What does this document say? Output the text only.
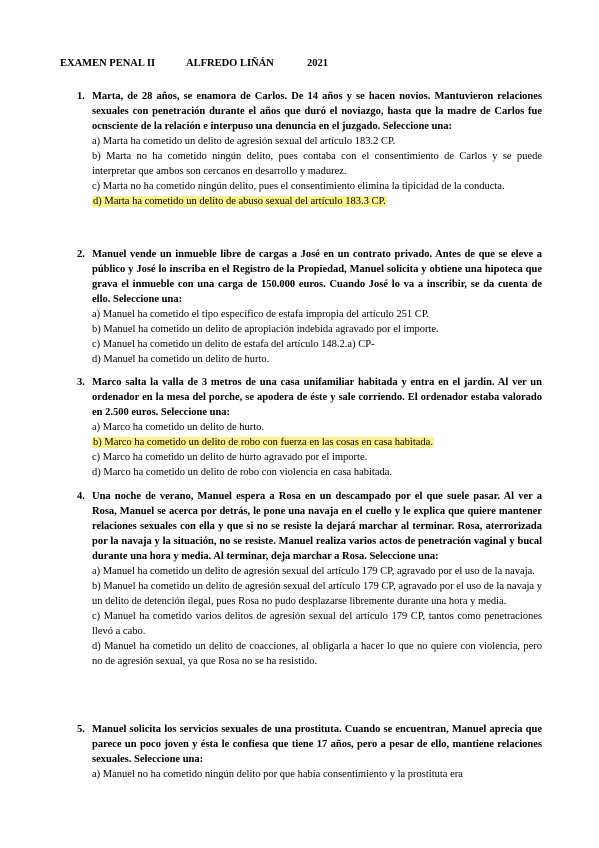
EXAMEN PENAL II	ALFREDO LIÑÁN	2021
1. Marta, de 28 años, se enamora de Carlos. De 14 años y se hacen novios. Mantuvieron relaciones sexuales con penetración durante el años que duró el noviazgo, hasta que la madre de Carlos fue ocnsciente de la relación e interpuso una denuncia en el juzgado. Seleccione una:

a) Marta ha cometido un delito de agresión sexual del artículo 183.2 CP.

b) Marta no ha cometido ningún delito, pues contaba con el consentimiento de Carlos y se puede interpretar que ambos son cercanos en desarrollo y madurez.

c) Marta no ha cometido ningún delito, pues el consentimiento elimina la tipicidad de la conducta.

d) Marta ha cometido un delito de abuso sexual del artículo 183.3 CP.

2. Manuel vende un inmueble libre de cargas a José en un contrato privado. Antes de que se eleve a público y José lo inscriba en el Registro de la Propiedad, Manuel solicita y obtiene una hipoteca que grava el inmueble con una carga de 150.000 euros. Cuando José lo va a inscribir, se da cuenta de ello. Seleccione una:

a) Manuel ha cometido el tipo específico de estafa impropia del artículo 251 CP.

b) Manuel ha cometido un delito de apropiación indebida agravado por el importe.

c) Manuel ha cometido un delito de estafa del artículo 148.2.a) CP-

d) Manuel ha cometido un delito de hurto.

3. Marco salta la valla de 3 metros de una casa unifamiliar habitada y entra en el jardín. Al ver un ordenador en la mesa del porche, se apodera de éste y sale corriendo. El ordenador estaba valorado en 2.500 euros. Seleccione una:

a) Marco ha cometido un delito de hurto.

b) Marco ha cometido un delito de robo con fuerza en las cosas en casa habitada.

c) Marco ha cometido un delito de hurto agravado por el importe.

d) Marco ha cometido un delito de robo con violencia en casa habitada.

4. Una noche de verano, Manuel espera a Rosa en un descampado por el que suele pasar. Al ver a Rosa, Manuel se acerca por detrás, le pone una navaja en el cuello y le explica que quiere mantener relaciones sexuales con ella y que si no se resiste la dejará marchar al terminar. Rosa, aterrorizada por la navaja y la situación, no se resiste. Manuel realiza varios actos de penetración vaginal y bucal durante una hora y media. Al terminar, deja marchar a Rosa. Seleccione una:

a) Manuel ha cometido un delito de agresión sexual del artículo 179 CP, agravado por el uso de la navaja.

b) Manuel ha cometido un delito de agresión sexual del artículo 179 CP, agravado por el uso de la navaja y un delito de detención ilegal, pues Rosa no pudo desplazarse libremente durante una hora y media.

c) Manuel ha cometido varios delitos de agresión sexual del artículo 179 CP, tantos como penetraciones llevó a cabo.

d) Manuel ha cometido un delito de coacciones, al obligarla a hacer lo que no quiere con violencia, pero no de agresión sexual, ya que Rosa no se ha resistido.

5. Manuel solicita los servicios sexuales de una prostituta. Cuando se encuentran, Manuel aprecia que parece un poco joven y ésta le confiesa que tiene 17 años, pero a pesar de ello, mantiene relaciones sexuales. Seleccione una:

a) Manuel no ha cometido ningún delito por que había consentimiento y la prostituta era
